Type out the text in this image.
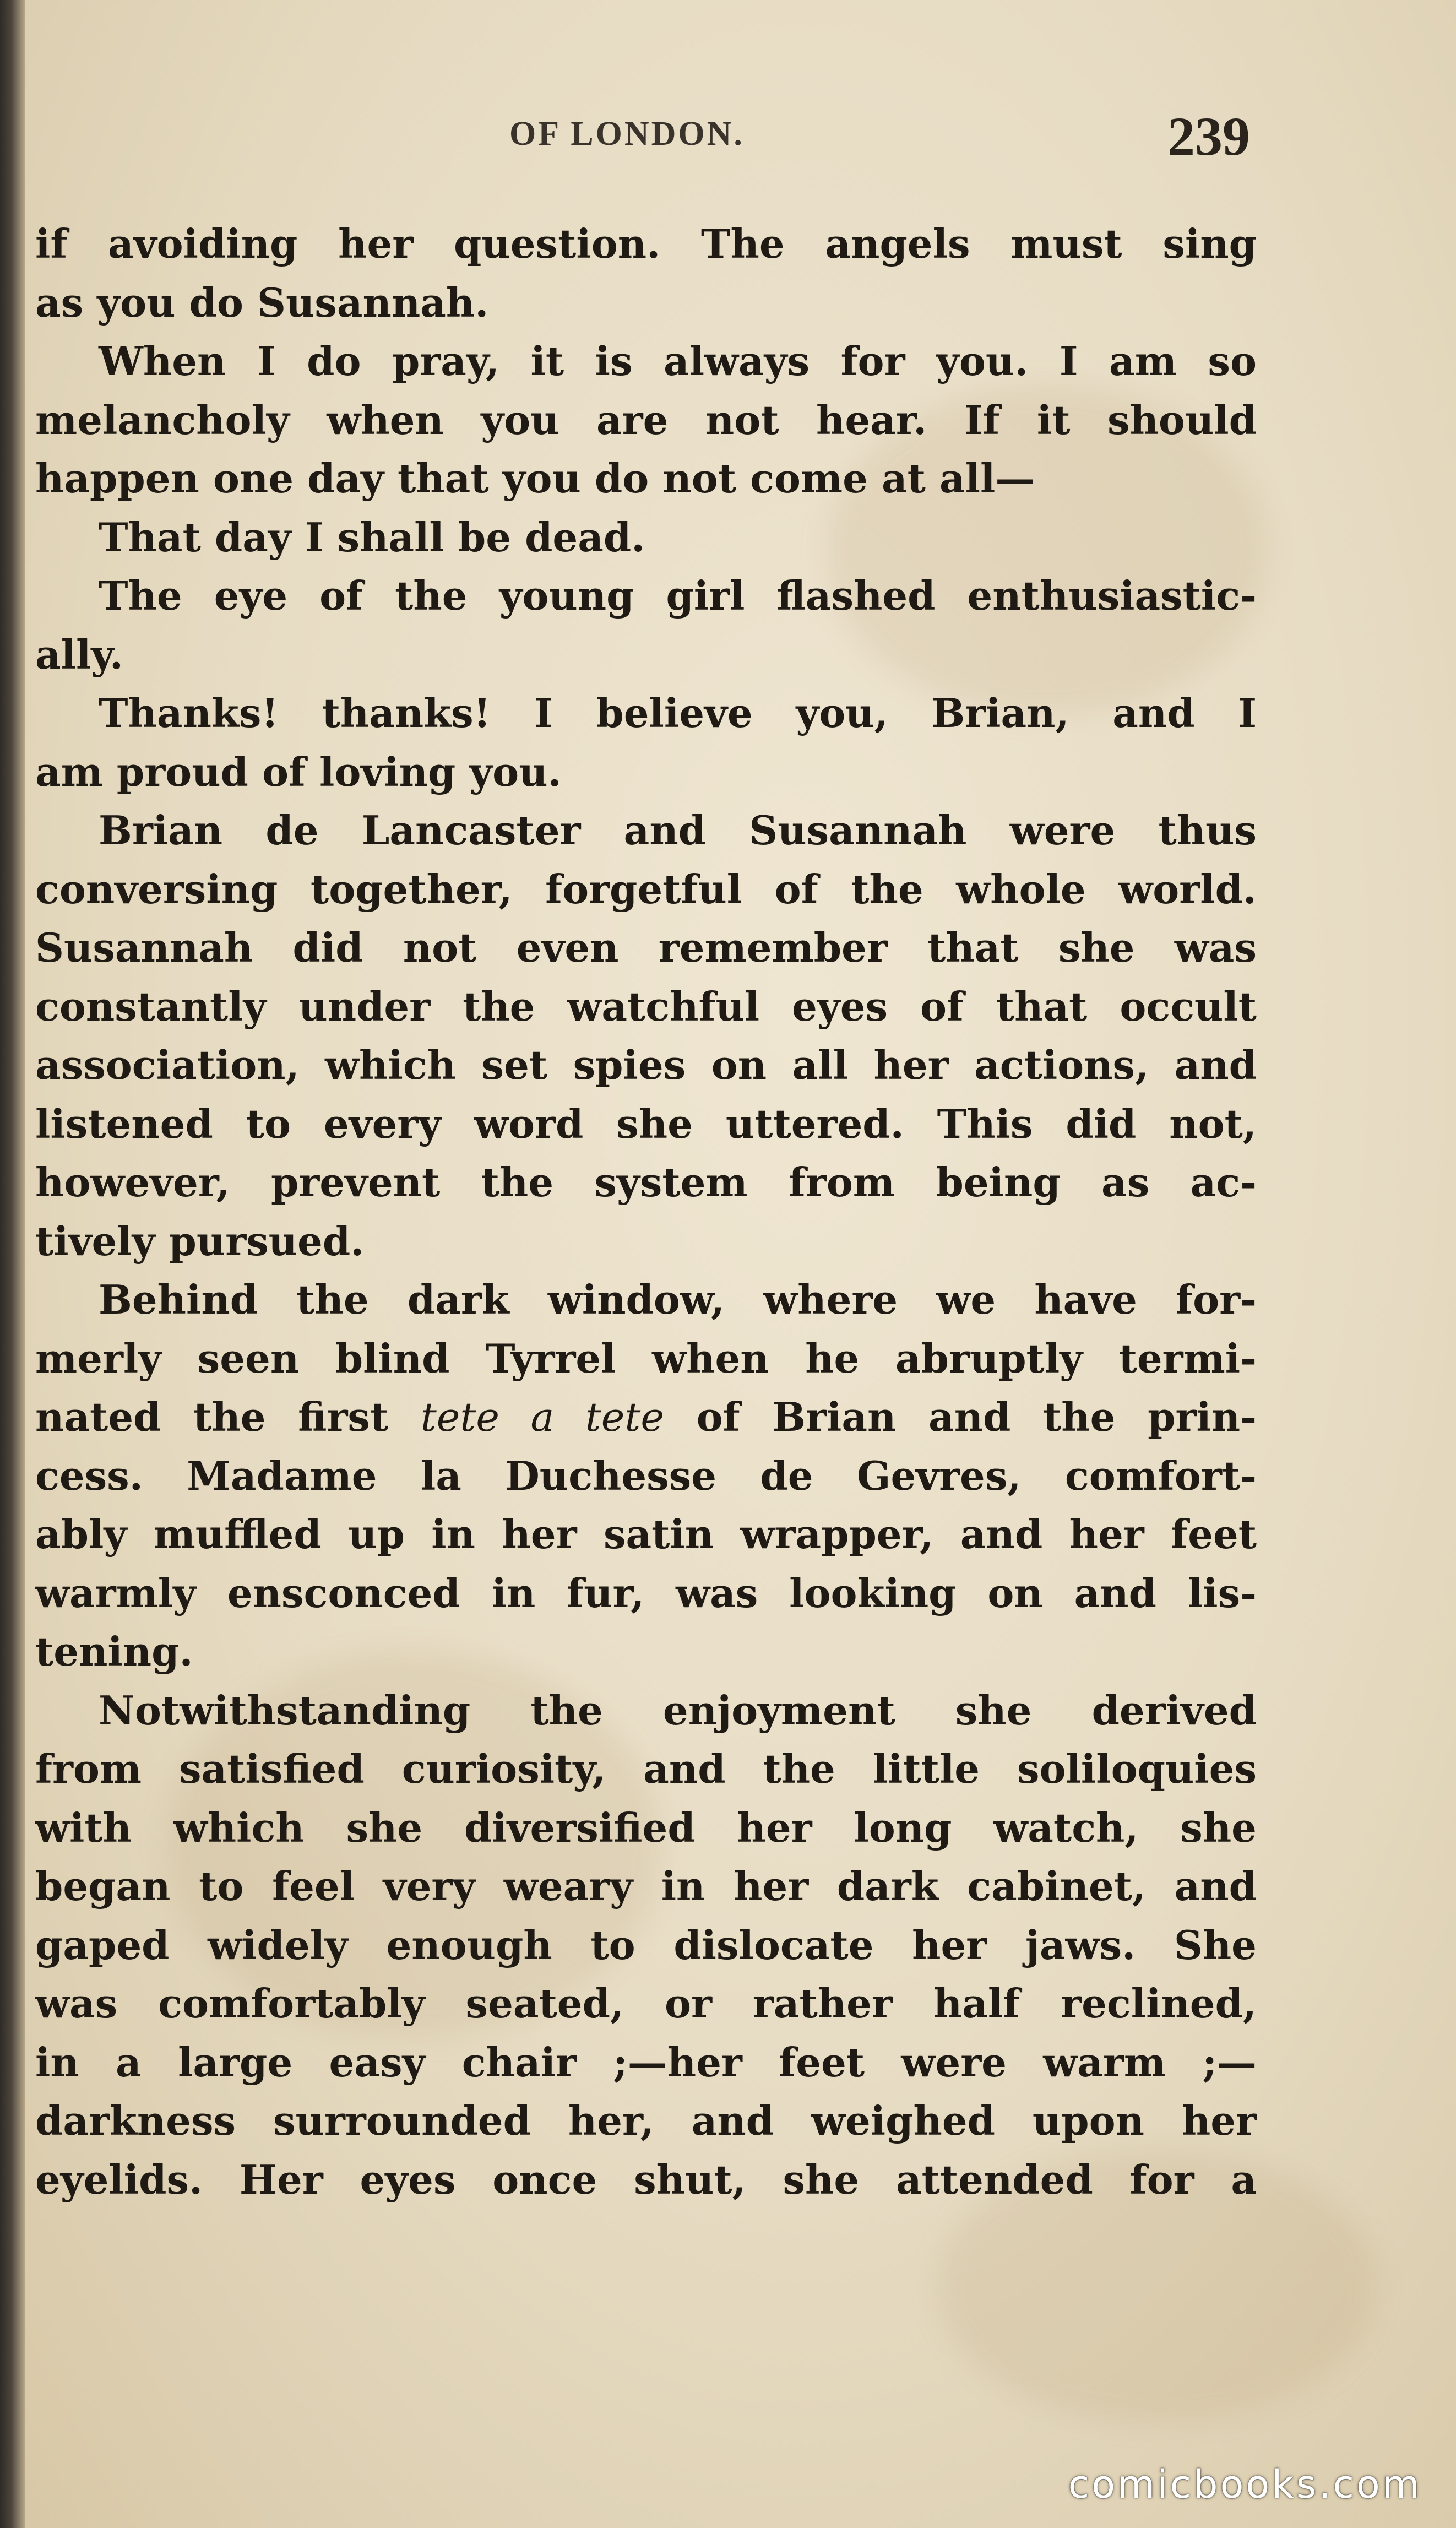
OF LONDON.	239

if avoiding her question. The angels must sing

as you do Susannah.

When I do pray, it is always for you. I am so

melancholy when you are not hear. If it should

happen one day that you do not come at all—

That day I shall be dead.

The eye of the young girl flashed enthusiastic-

ally.

Thanks! thanks! I believe you, Brian, and I

am proud of loving you.

Brian de Lancaster and Susannah were thus

conversing together, forgetful of the whole world.

Susannah did not even remember that she was

constantly under the watchful eyes of that occult

association, which set spies on all her actions, and

listened to every word she uttered. This did not,

however, prevent the system from being as ac-

tively pursued.

Behind the dark window, where we have for-

merly seen blind Tyrrel when he abruptly termi-

nated the first tete a tete of Brian and the prin-

cess. Madame la Duchesse de Gevres, comfort-

ably muffled up in her satin wrapper, and her feet

warmly ensconced in fur, was looking on and lis-

tening.

Notwithstanding the enjoyment she derived

from satisfied curiosity, and the little soliloquies

with which she diversified her long watch, she

began to feel very weary in her dark cabinet, and

gaped widely enough to dislocate her jaws. She

was comfortably seated, or rather half reclined,

in a large easy chair ;—her feet were warm ;—

darkness surrounded her, and weighed upon her

eyelids. Her eyes once shut, she attended for a

comicbooks.com
